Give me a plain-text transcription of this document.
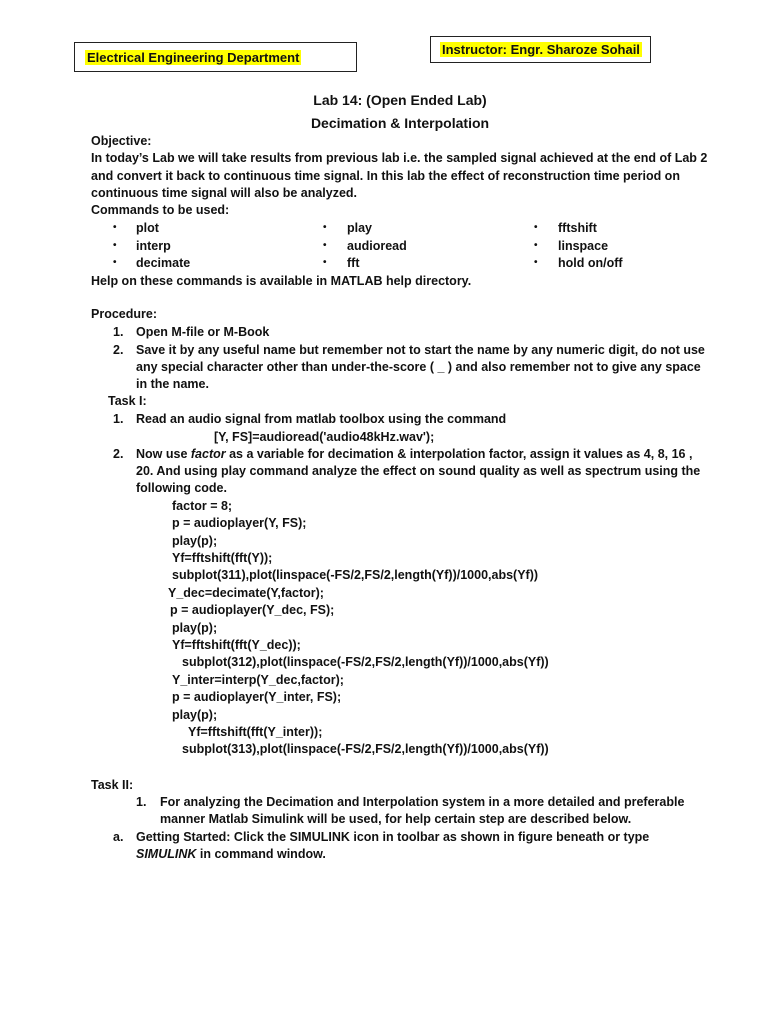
Electrical Engineering Department	Instructor: Engr. Sharoze Sohail
Lab 14: (Open Ended Lab)
Decimation & Interpolation
Objective:
In today’s Lab we will take results from previous lab i.e. the sampled signal achieved at the end of Lab 2
and convert it back to continuous time signal. In this lab the effect of reconstruction time period on
continuous time signal will also be analyzed.
Commands to be used:
• plot
• interp
• decimate
• play
• audioread
• fft
• fftshift
• linspace
• hold on/off
Help on these commands is available in MATLAB help directory.
Procedure:
1. Open M-file or M-Book
2. Save it by any useful name but remember not to start the name by any numeric digit, do not use
any special character other than under-the-score ( _ ) and also remember not to give any space
in the name.
Task I:
1. Read an audio signal from matlab toolbox using the command
[Y, FS]=audioread('audio48kHz.wav');
2. Now use factor as a variable for decimation & interpolation factor, assign it values as 4, 8, 16 ,
20. And using play command analyze the effect on sound quality as well as spectrum using the
following code.
factor = 8;
p = audioplayer(Y, FS);
play(p);
Yf=fftshift(fft(Y));
subplot(311),plot(linspace(-FS/2,FS/2,length(Yf))/1000,abs(Yf))
Y_dec=decimate(Y,factor);
p = audioplayer(Y_dec, FS);
play(p);
Yf=fftshift(fft(Y_dec));
subplot(312),plot(linspace(-FS/2,FS/2,length(Yf))/1000,abs(Yf))
Y_inter=interp(Y_dec,factor);
p = audioplayer(Y_inter, FS);
play(p);
Yf=fftshift(fft(Y_inter));
subplot(313),plot(linspace(-FS/2,FS/2,length(Yf))/1000,abs(Yf))
Task II:
1. For analyzing the Decimation and Interpolation system in a more detailed and preferable
manner Matlab Simulink will be used, for help certain step are described below.
a. Getting Started: Click the SIMULINK icon in toolbar as shown in figure beneath or type
SIMULINK in command window.
